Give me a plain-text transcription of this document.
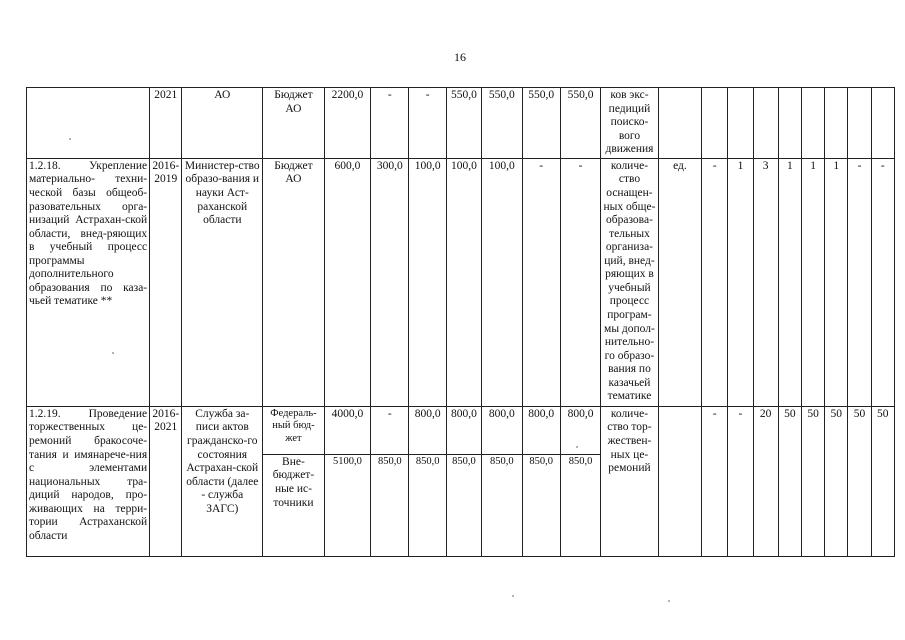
16
	2021	АО	Бюджет АО	2200,0	-	-	550,0	550,0	550,0	550,0	ков экс-педиций поиско-вого движения									
1.2.18. Укрепление материально- техни-ческой базы общеоб-разовательных орга-низаций Астрахан-ской области, внед-ряющих в учебный процесс программы дополнительного образования по каза-чьей тематике **	2016-2019	Министер-ство образо-вания и науки Аст-раханской области	Бюджет АО	600,0	300,0	100,0	100,0	100,0	-	-	количе-ство оснащен-ных обще-образова-тельных организа-ций, внед-ряющих в учебный процесс програм-мы допол-нительно-го образо-вания по казачьей тематике	ед.	-	1	3	1	1	1	-	-
1.2.19. Проведение торжественных це-ремоний бракосоче-тания и имянарече-ния с элементами национальных тра-диций народов, про-живающих на терри-тории Астраханской области	2016-2021	Служба за-писи актов гражданско-го состояния Астрахан-ской области (далее - служба ЗАГС)	Федераль-ный бюд-жет	4000,0	-	800,0	800,0	800,0	800,0	800,0	количе-ство тор-жествен-ных це-ремоний		-	-	20	50	50	50	50	50
			Вне-бюджет-ные ис-точники	5100,0	850,0	850,0	850,0	850,0	850,0	850,0										
